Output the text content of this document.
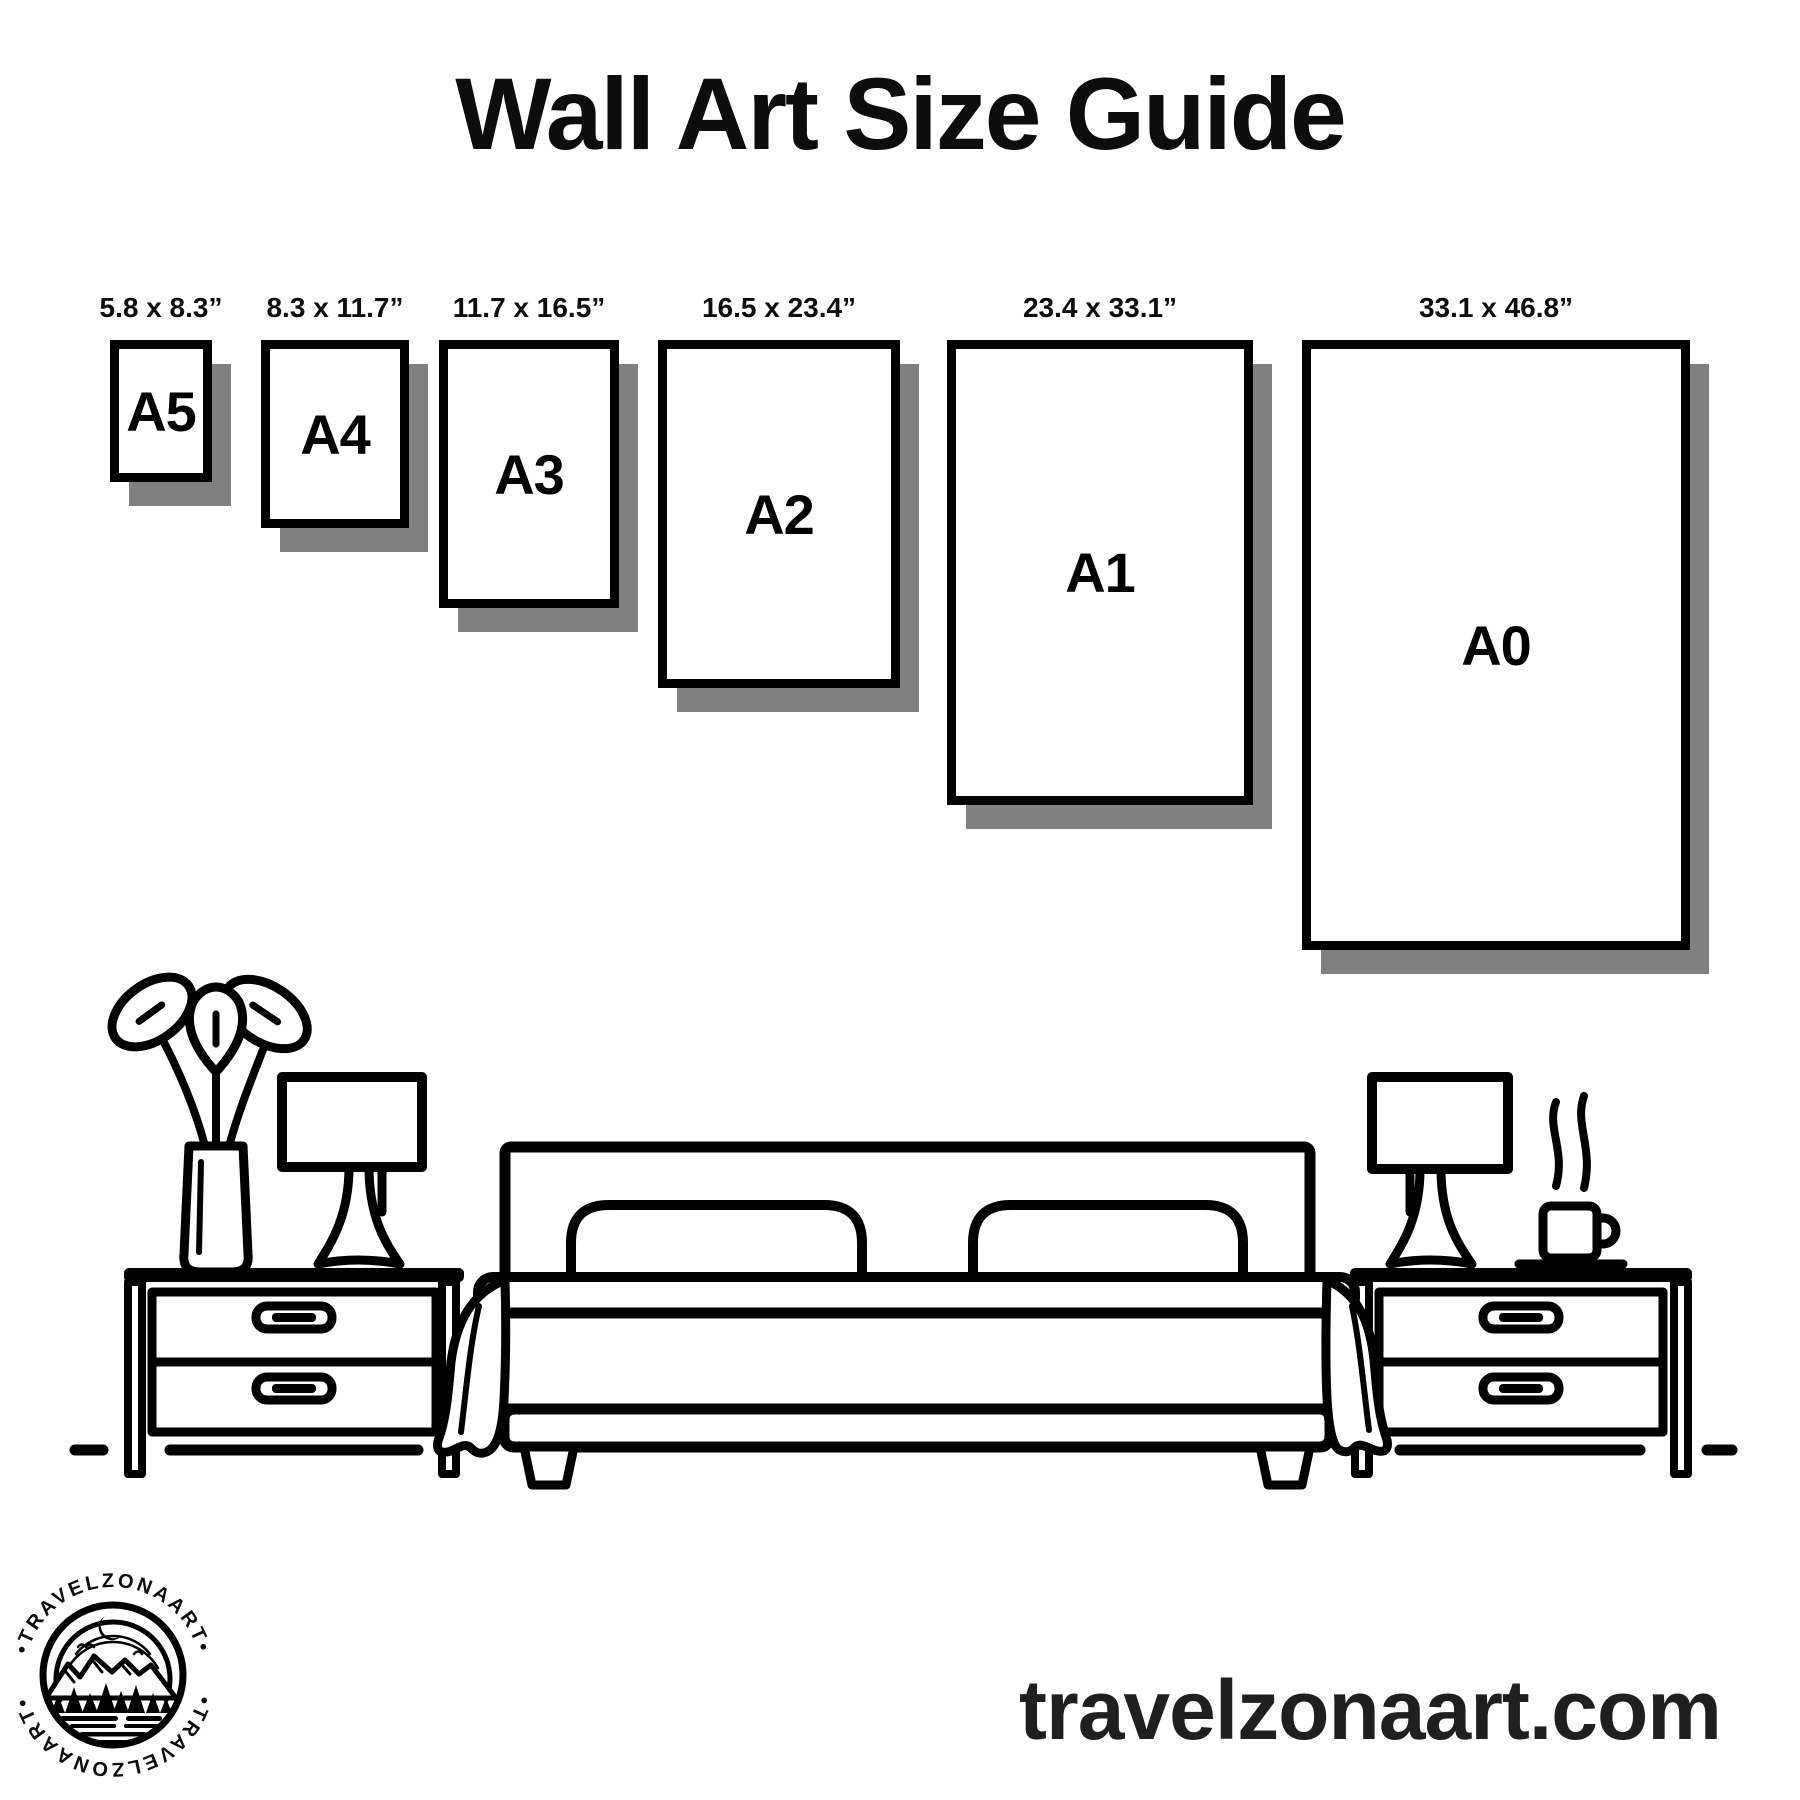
Wall Art Size Guide
5.8 x 8.3”	8.3 x 11.7”	11.7 x 16.5”	16.5 x 23.4”	23.4 x 33.1”	33.1 x 46.8”
A5 A4
A3
A2
A1
A0
•TRAVELZONAART•
•TRAVELZONAART•	travelzonaart.com
